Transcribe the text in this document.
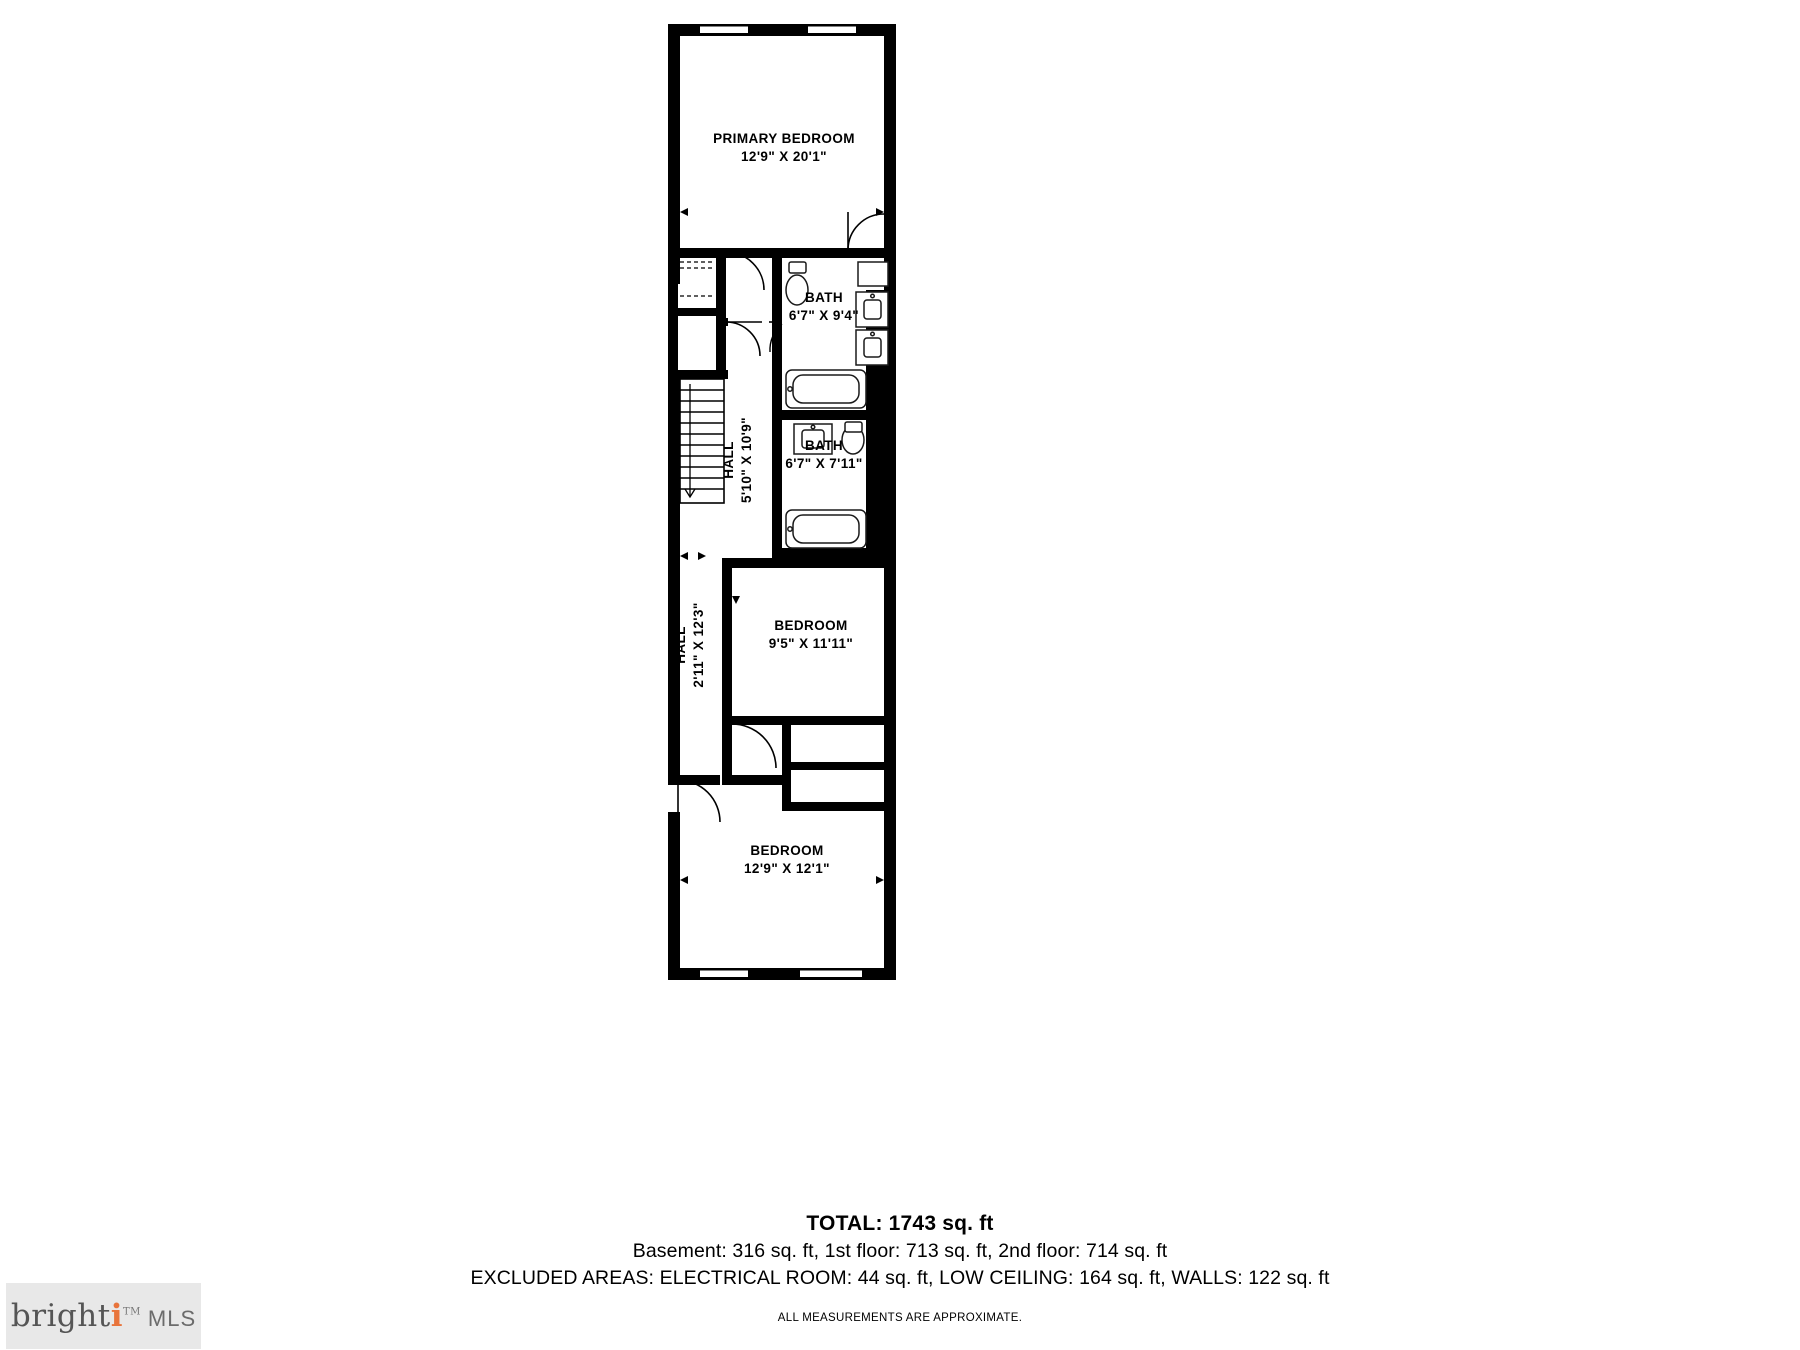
PRIMARY BEDROOM
12'9" X 20'1"
BATH
6'7" X 9'4"
BATH
6'7" X 7'11"
HALL 5'10" X 10'9"
HALL 2'11" X 12'3"	BEDROOM
9'5" X 11'11"
BEDROOM
12'9" X 12'1"
TOTAL: 1743 sq. ft
Basement: 316 sq. ft, 1st floor: 713 sq. ft, 2nd floor: 714 sq. ft
EXCLUDED AREAS: ELECTRICAL ROOM: 44 sq. ft, LOW CEILING: 164 sq. ft, WALLS: 122 sq. ft
ALL MEASUREMENTS ARE APPROXIMATE.
brighti™ MLS
